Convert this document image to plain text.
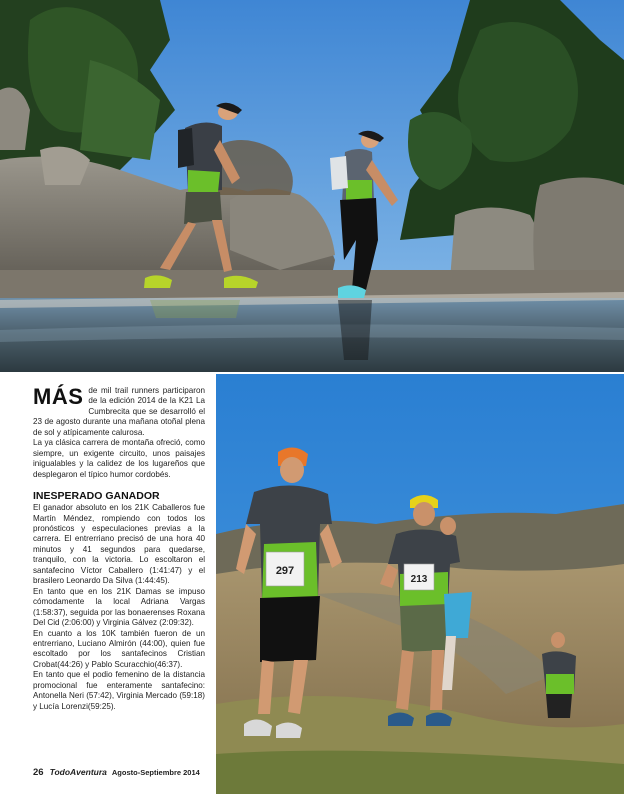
297
213

MÁS de mil trail runners participaron de la edición 2014 de la K21 La Cumbrecita que se desarrolló el 23 de agosto durante una mañana otoñal plena de sol y atípicamente calurosa.

La ya clásica carrera de montaña ofreció, como siempre, un exigente circuito, unos paisajes inigualables y la calidez de los lugareños que desplegaron el típico humor cordobés.

INESPERADO GANADOR

El ganador absoluto en los 21K Caballeros fue Martín Méndez, rompiendo con todos los pronósticos y especulaciones previas a la carrera. El entrerriano precisó de una hora 40 minutos y 41 segundos para quedarse, tranquilo, con la victoria. Lo escoltaron el santafecino Víctor Caballero (1:41:47) y el brasilero Leonardo Da Silva (1:44:45).

En tanto que en los 21K Damas se impuso cómodamente la local Adriana Vargas (1:58:37), seguida por las bonaerenses Roxana Del Cid (2:06:00) y Virginia Gálvez (2:09:32).

En cuanto a los 10K también fueron de un entrerriano, Luciano Almirón (44:00), quien fue escoltado por los santafecinos Cristian Crobat(44:26) y Pablo Scuracchio(46:37).

En tanto que el podio femenino de la distancia promocional fue enteramente santafecino: Antonella Neri (57:42), Virginia Mercado (59:18) y Lucía Lorenzi(59:25).

26 TodoAventura Agosto-Septiembre 2014
